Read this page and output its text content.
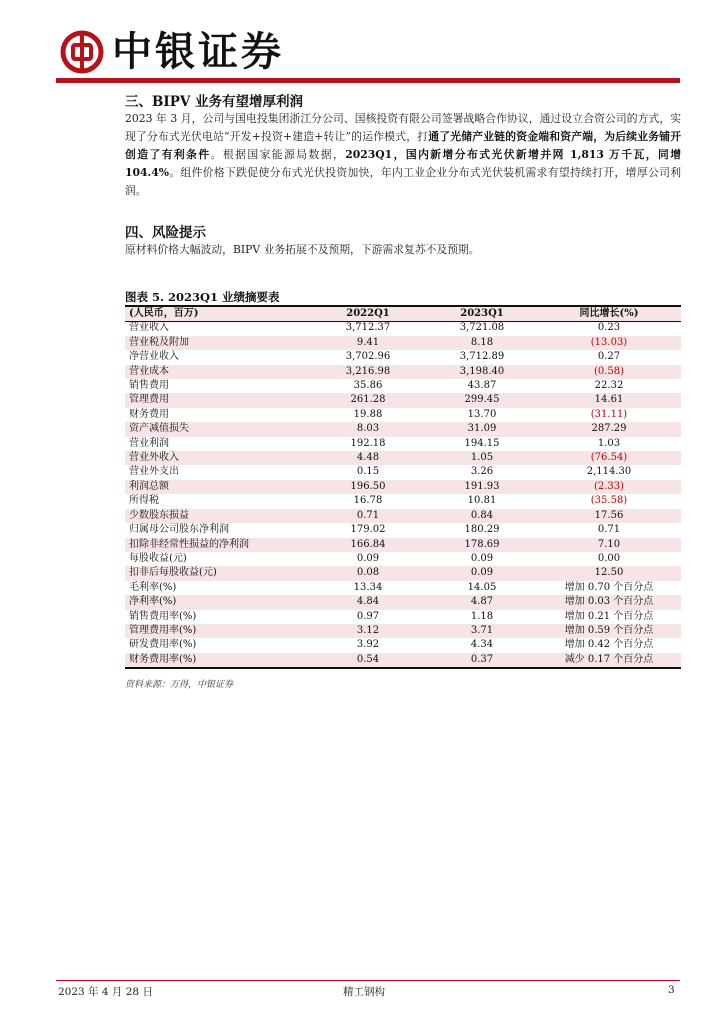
中银证券
三、BIPV 业务有望增厚利润
2023 年 3 月，公司与国电投集团浙江分公司、国核投资有限公司签署战略合作协议，通过设立合资公司的方式，实现了分布式光伏电站“开发+投资+建造+转让”的运作模式，打通了光储产业链的资金端和资产端，为后续业务铺开创造了有利条件。根据国家能源局数据，2023Q1，国内新增分布式光伏新增并网 1,813 万千瓦，同增 104.4%。组件价格下跌促使分布式光伏投资加快，年内工业企业分布式光伏装机需求有望持续打开，增厚公司利润。
四、风险提示
原材料价格大幅波动，BIPV 业务拓展不及预期，下游需求复苏不及预期。
图表 5. 2023Q1 业绩摘要表
(人民币，百万)	2022Q1	2023Q1	同比增长(%)
营业收入	3,712.37	3,721.08	0.23
营业税及附加	9.41	8.18	(13.03)
净营业收入	3,702.96	3,712.89	0.27
营业成本	3,216.98	3,198.40	(0.58)
销售费用	35.86	43.87	22.32
管理费用	261.28	299.45	14.61
财务费用	19.88	13.70	(31.11)
资产减值损失	8.03	31.09	287.29
营业利润	192.18	194.15	1.03
营业外收入	4.48	1.05	(76.54)
营业外支出	0.15	3.26	2,114.30
利润总额	196.50	191.93	(2.33)
所得税	16.78	10.81	(35.58)
少数股东损益	0.71	0.84	17.56
归属母公司股东净利润	179.02	180.29	0.71
扣除非经常性损益的净利润	166.84	178.69	7.10
每股收益(元)	0.09	0.09	0.00
扣非后每股收益(元)	0.08	0.09	12.50
毛利率(%)	13.34	14.05	增加 0.70 个百分点
净利率(%)	4.84	4.87	增加 0.03 个百分点
销售费用率(%)	0.97	1.18	增加 0.21 个百分点
管理费用率(%)	3.12	3.71	增加 0.59 个百分点
研发费用率(%)	3.92	4.34	增加 0.42 个百分点
财务费用率(%)	0.54	0.37	减少 0.17 个百分点
资料来源：万得，中银证券
2023 年 4 月 28 日	精工钢构	3
